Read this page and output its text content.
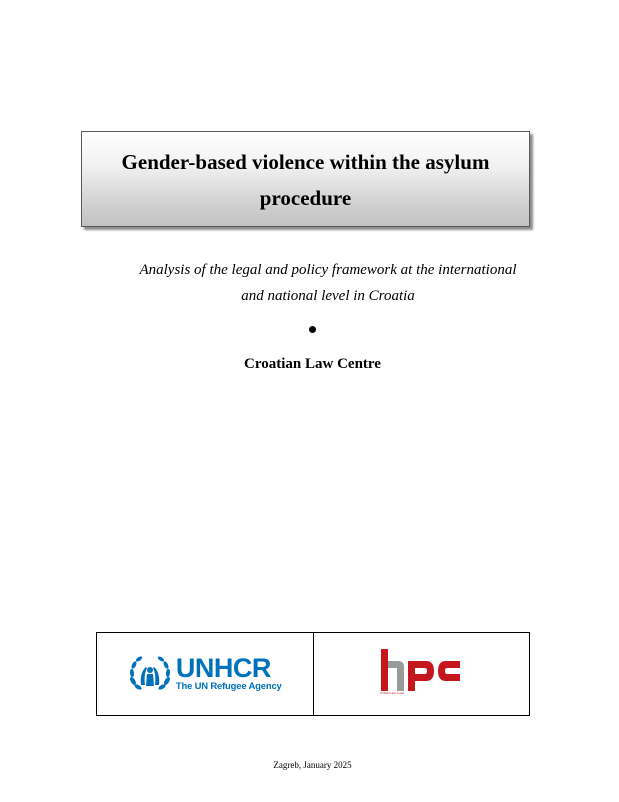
Gender-based violence within the asylum procedure
Analysis of the legal and policy framework at the international and national level in Croatia
Croatian Law Centre
UNHCR
The UN Refugee Agency
hrvatski pravni centar
Zagreb, January 2025
